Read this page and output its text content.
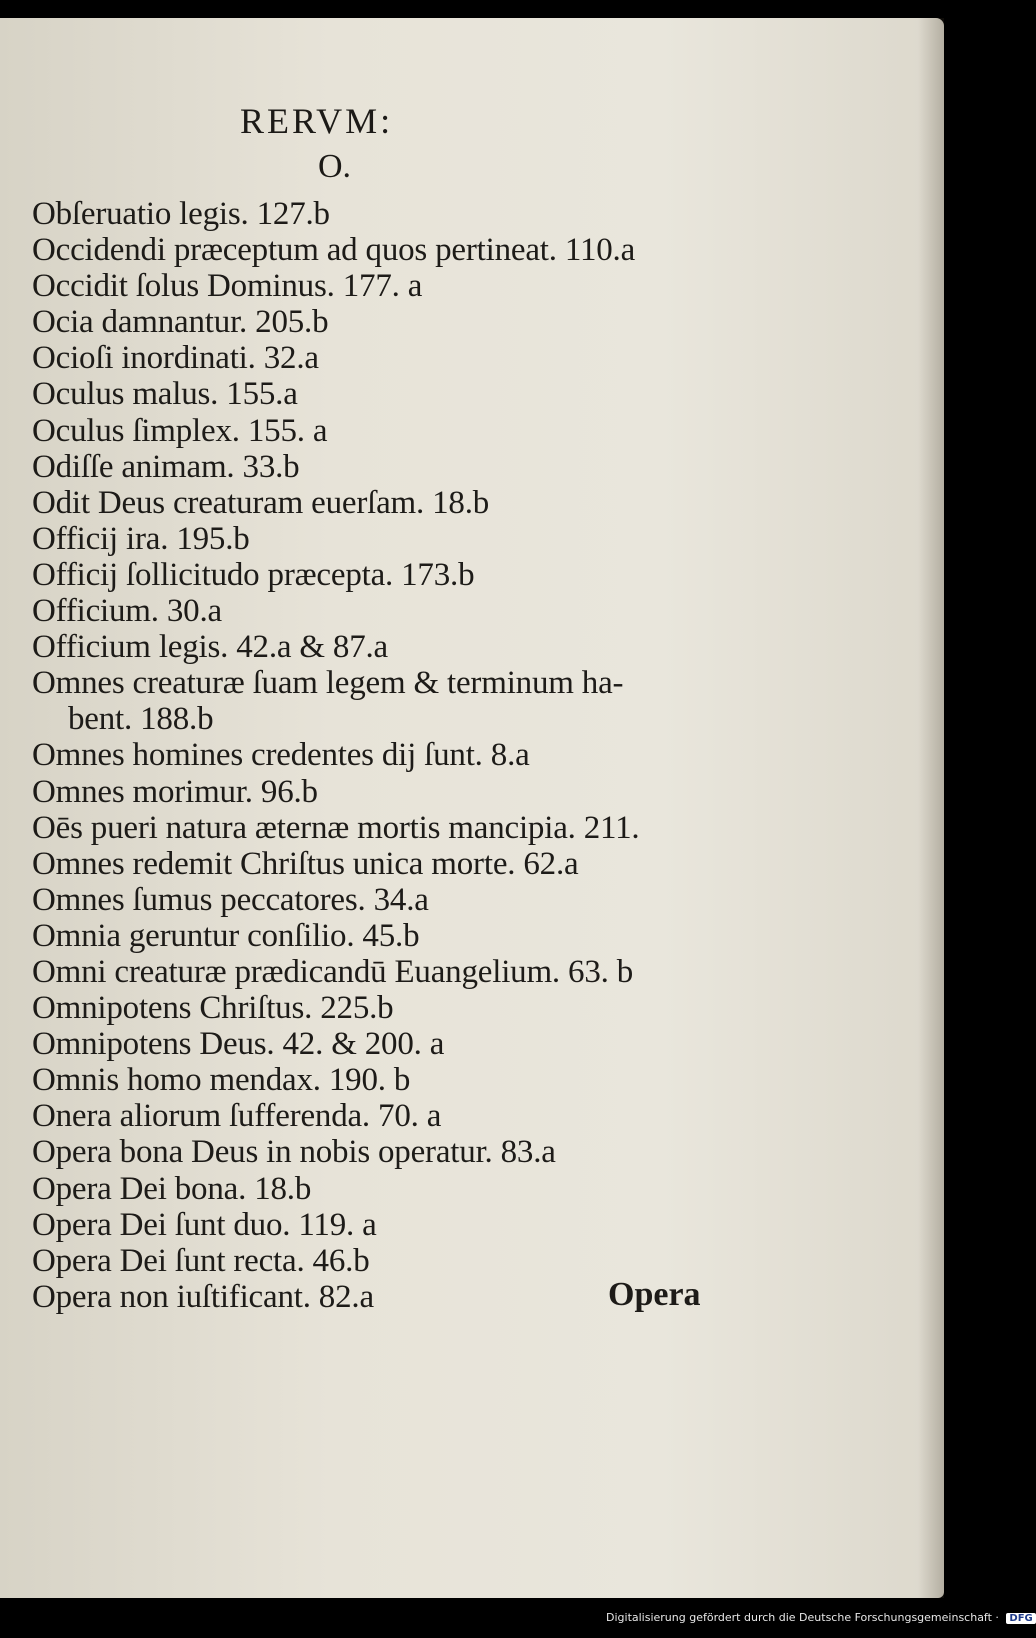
RERVM:
O.
Obſeruatio legis. 127.b
Occidendi præceptum ad quos pertineat. 110.a
Occidit ſolus Dominus. 177. a
Ocia damnantur. 205.b
Ocioſi inordinati. 32.a
Oculus malus. 155.a
Oculus ſimplex. 155. a
Odiſſe animam. 33.b
Odit Deus creaturam euerſam. 18.b
Officij ira. 195.b
Officij ſollicitudo præcepta. 173.b
Officium. 30.a
Officium legis. 42.a & 87.a
Omnes creaturæ ſuam legem & terminum ha-
bent. 188.b
Omnes homines credentes dij ſunt. 8.a
Omnes morimur. 96.b
Oēs pueri natura æternæ mortis mancipia. 211.
Omnes redemit Chriſtus unica morte. 62.a
Omnes ſumus peccatores. 34.a
Omnia geruntur conſilio. 45.b
Omni creaturæ prædicandū Euangelium. 63. b
Omnipotens Chriſtus. 225.b
Omnipotens Deus. 42. & 200. a
Omnis homo mendax. 190. b
Onera aliorum ſufferenda. 70. a
Opera bona Deus in nobis operatur. 83.a
Opera Dei bona. 18.b
Opera Dei ſunt duo. 119. a
Opera Dei ſunt recta. 46.b
Opera non iuſtificant. 82.a	Opera
Digitalisierung gefördert durch die Deutsche Forschungsgemeinschaft · DFG
